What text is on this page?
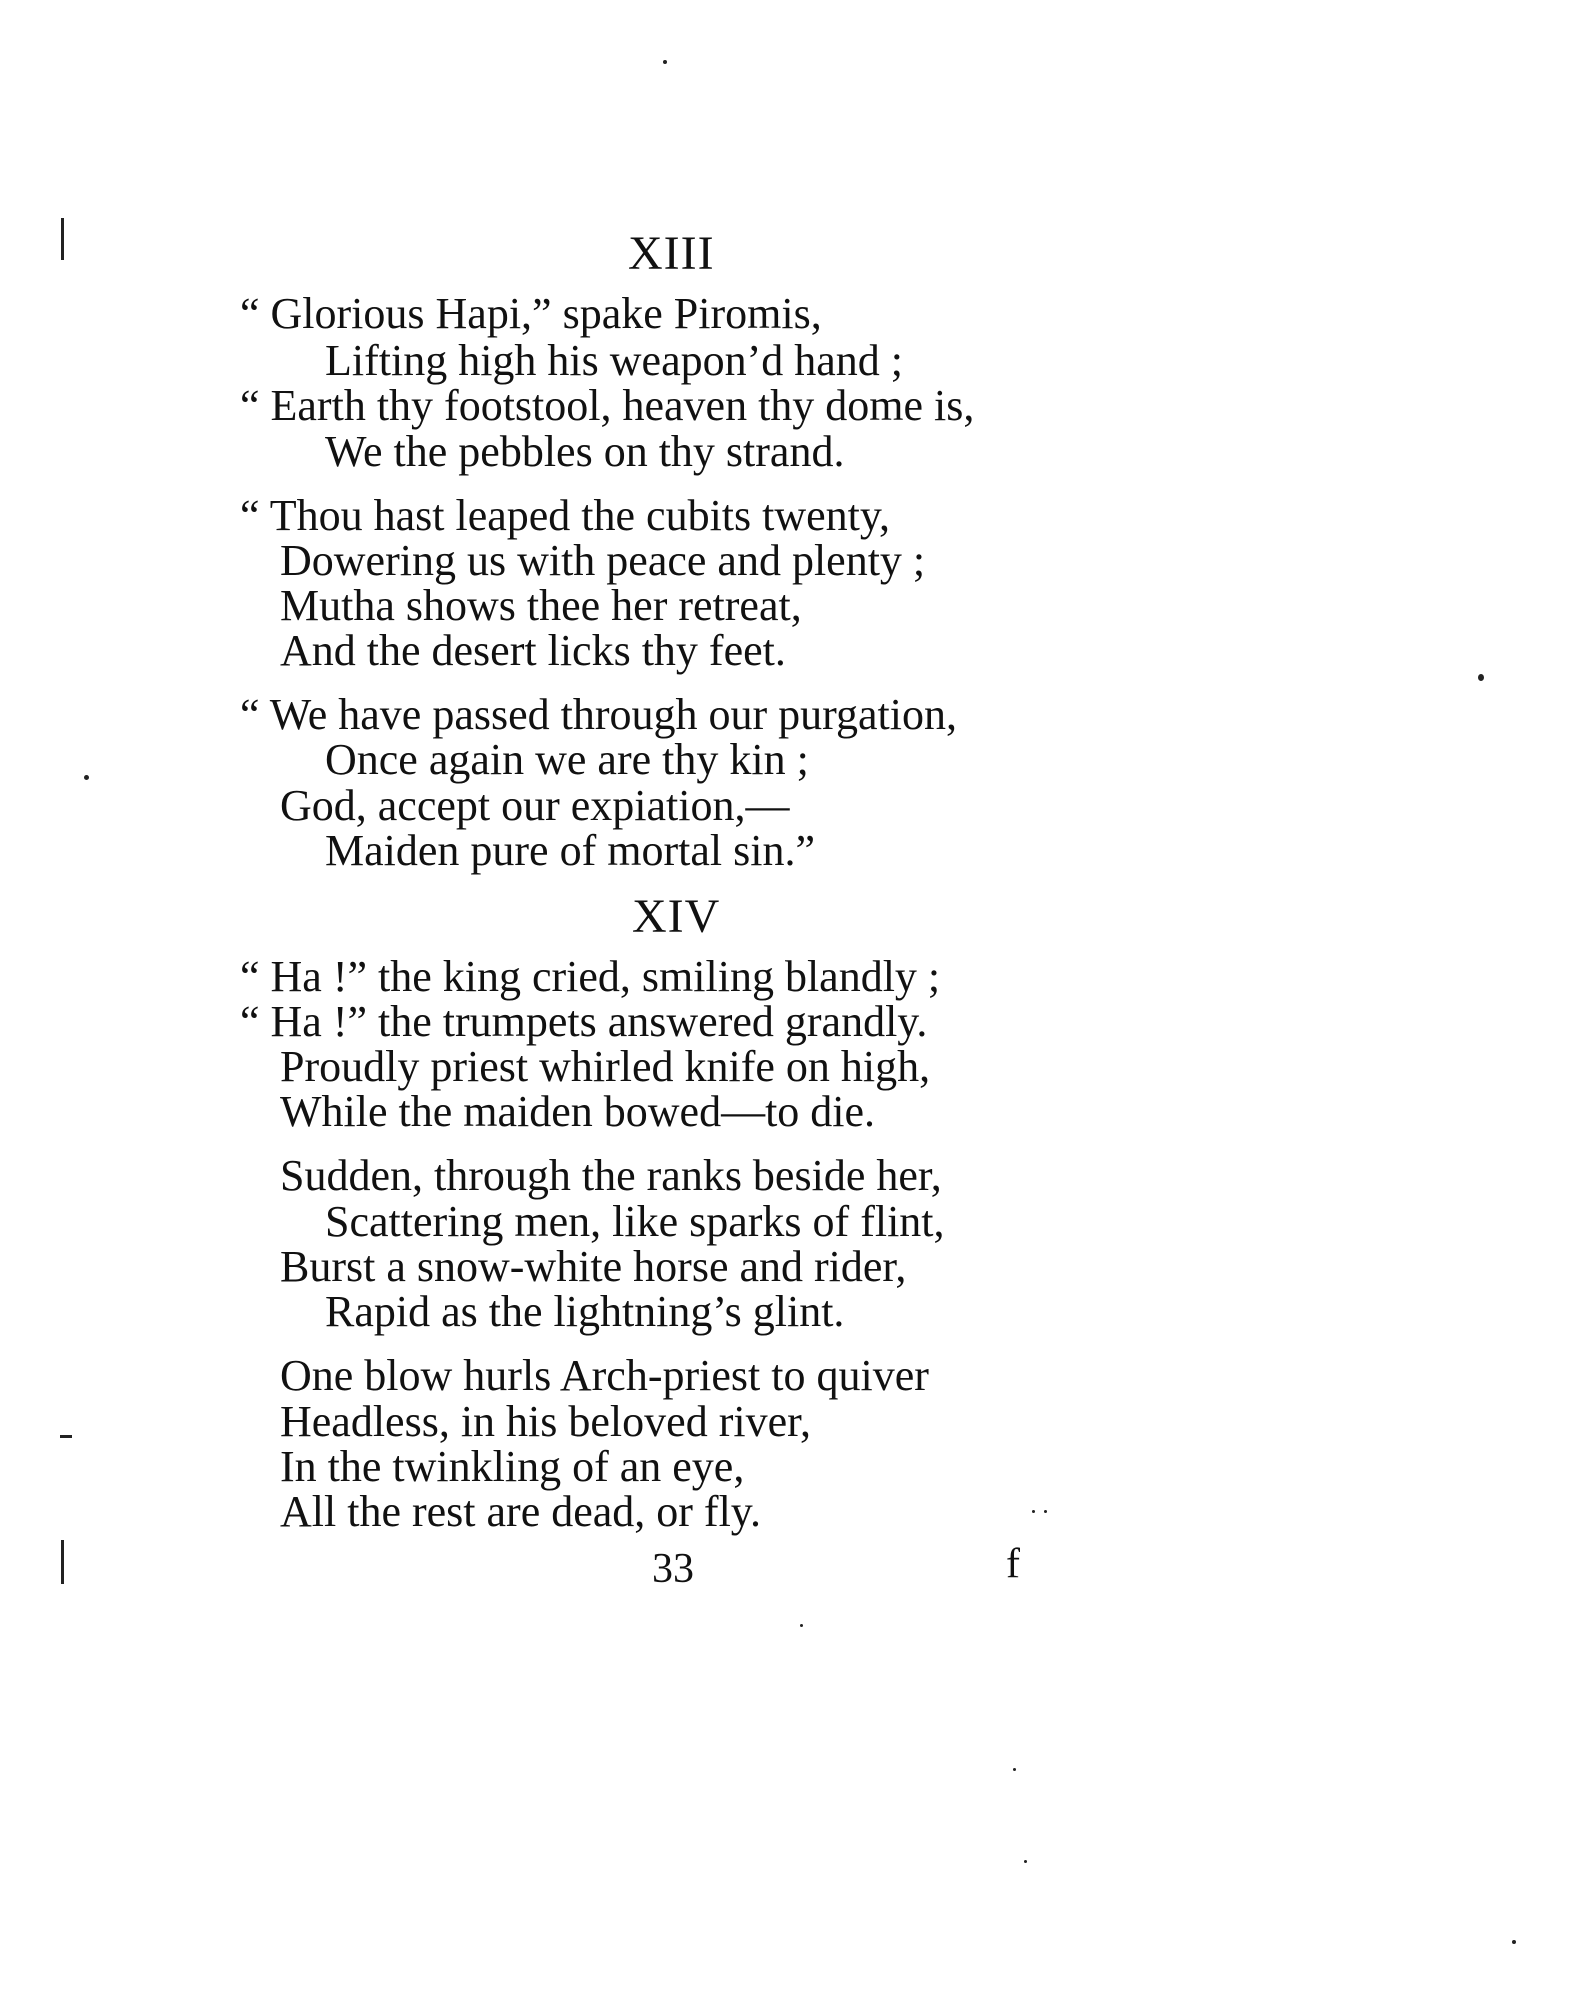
XIII
“ Glorious Hapi,” spake Piromis,
Lifting high his weapon’d hand ;
“ Earth thy footstool, heaven thy dome is,
We the pebbles on thy strand.
“ Thou hast leaped the cubits twenty,
Dowering us with peace and plenty ;
Mutha shows thee her retreat,
And the desert licks thy feet.
“ We have passed through our purgation,
Once again we are thy kin ;
God, accept our expiation,—
Maiden pure of mortal sin.”
XIV
“ Ha !” the king cried, smiling blandly ;
“ Ha !” the trumpets answered grandly.
Proudly priest whirled knife on high,
While the maiden bowed—to die.
Sudden, through the ranks beside her,
Scattering men, like sparks of flint,
Burst a snow-white horse and rider,
Rapid as the lightning’s glint.
One blow hurls Arch-priest to quiver
Headless, in his beloved river,
In the twinkling of an eye,
All the rest are dead, or fly.
33	f
